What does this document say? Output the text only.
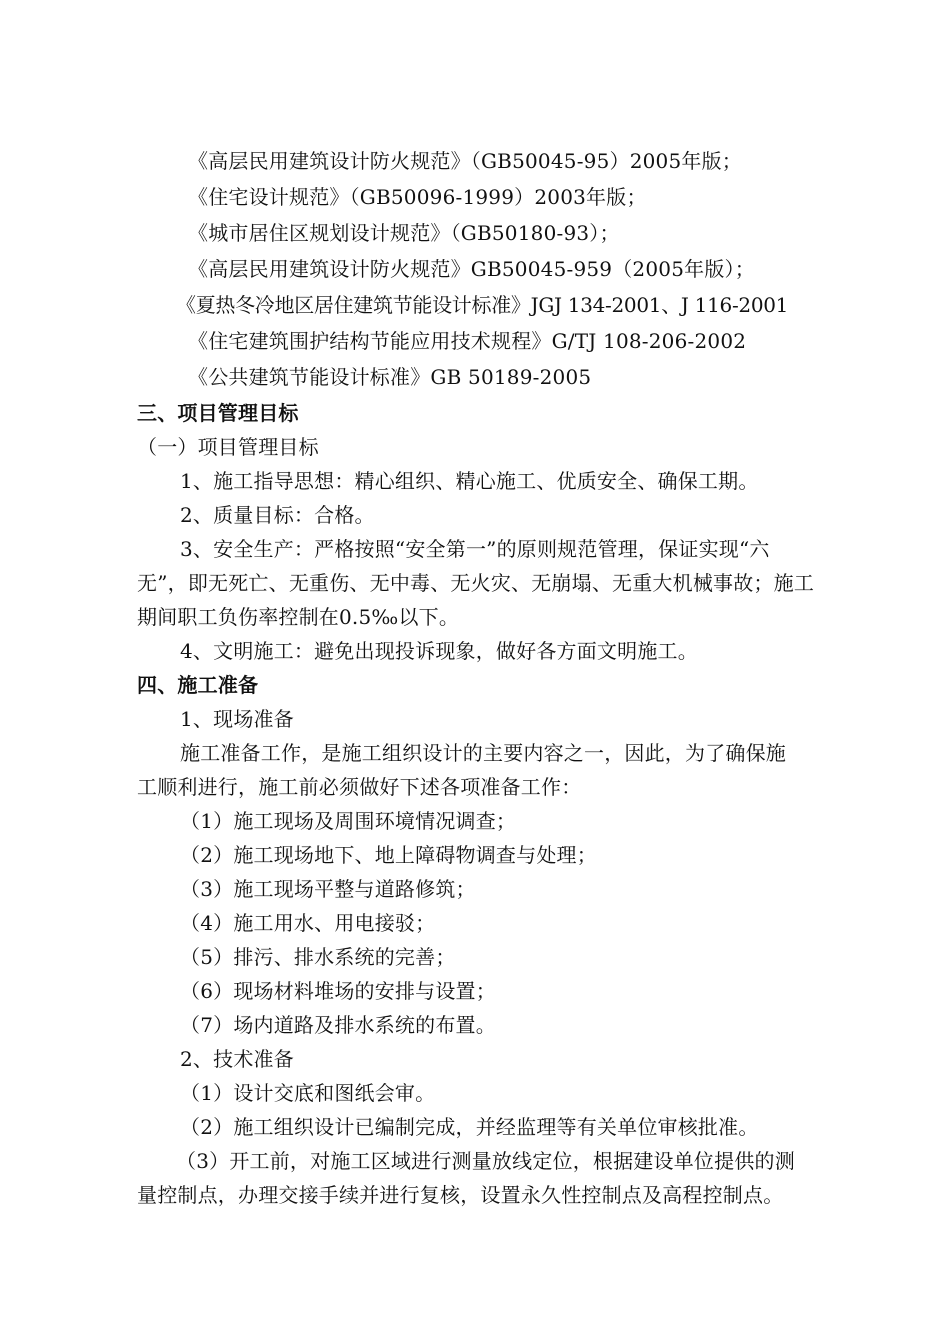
《高层民用建筑设计防火规范》（GB50045-95）2005年版；
《住宅设计规范》（GB50096-1999）2003年版；
《城市居住区规划设计规范》（GB50180-93）；
《高层民用建筑设计防火规范》GB50045-959（2005年版）；
《夏热冬冷地区居住建筑节能设计标准》JGJ 134-2001、J 116-2001
《住宅建筑围护结构节能应用技术规程》G/TJ 108-206-2002
《公共建筑节能设计标准》GB 50189-2005
三、项目管理目标
（一）项目管理目标
1、施工指导思想：精心组织、精心施工、优质安全、确保工期。
2、质量目标：合格。
3、安全生产：严格按照“安全第一”的原则规范管理，保证实现“六
无”，即无死亡、无重伤、无中毒、无火灾、无崩塌、无重大机械事故；施工
期间职工负伤率控制在0.5‰以下。
4、文明施工：避免出现投诉现象，做好各方面文明施工。
四、施工准备
1、现场准备
施工准备工作，是施工组织设计的主要内容之一，因此，为了确保施
工顺利进行，施工前必须做好下述各项准备工作：
（1）施工现场及周围环境情况调查；
（2）施工现场地下、地上障碍物调查与处理；
（3）施工现场平整与道路修筑；
（4）施工用水、用电接驳；
（5）排污、排水系统的完善；
（6）现场材料堆场的安排与设置；
（7）场内道路及排水系统的布置。
2、技术准备
（1）设计交底和图纸会审。
（2）施工组织设计已编制完成，并经监理等有关单位审核批准。
（3）开工前，对施工区域进行测量放线定位，根据建设单位提供的测
量控制点，办理交接手续并进行复核，设置永久性控制点及高程控制点。
